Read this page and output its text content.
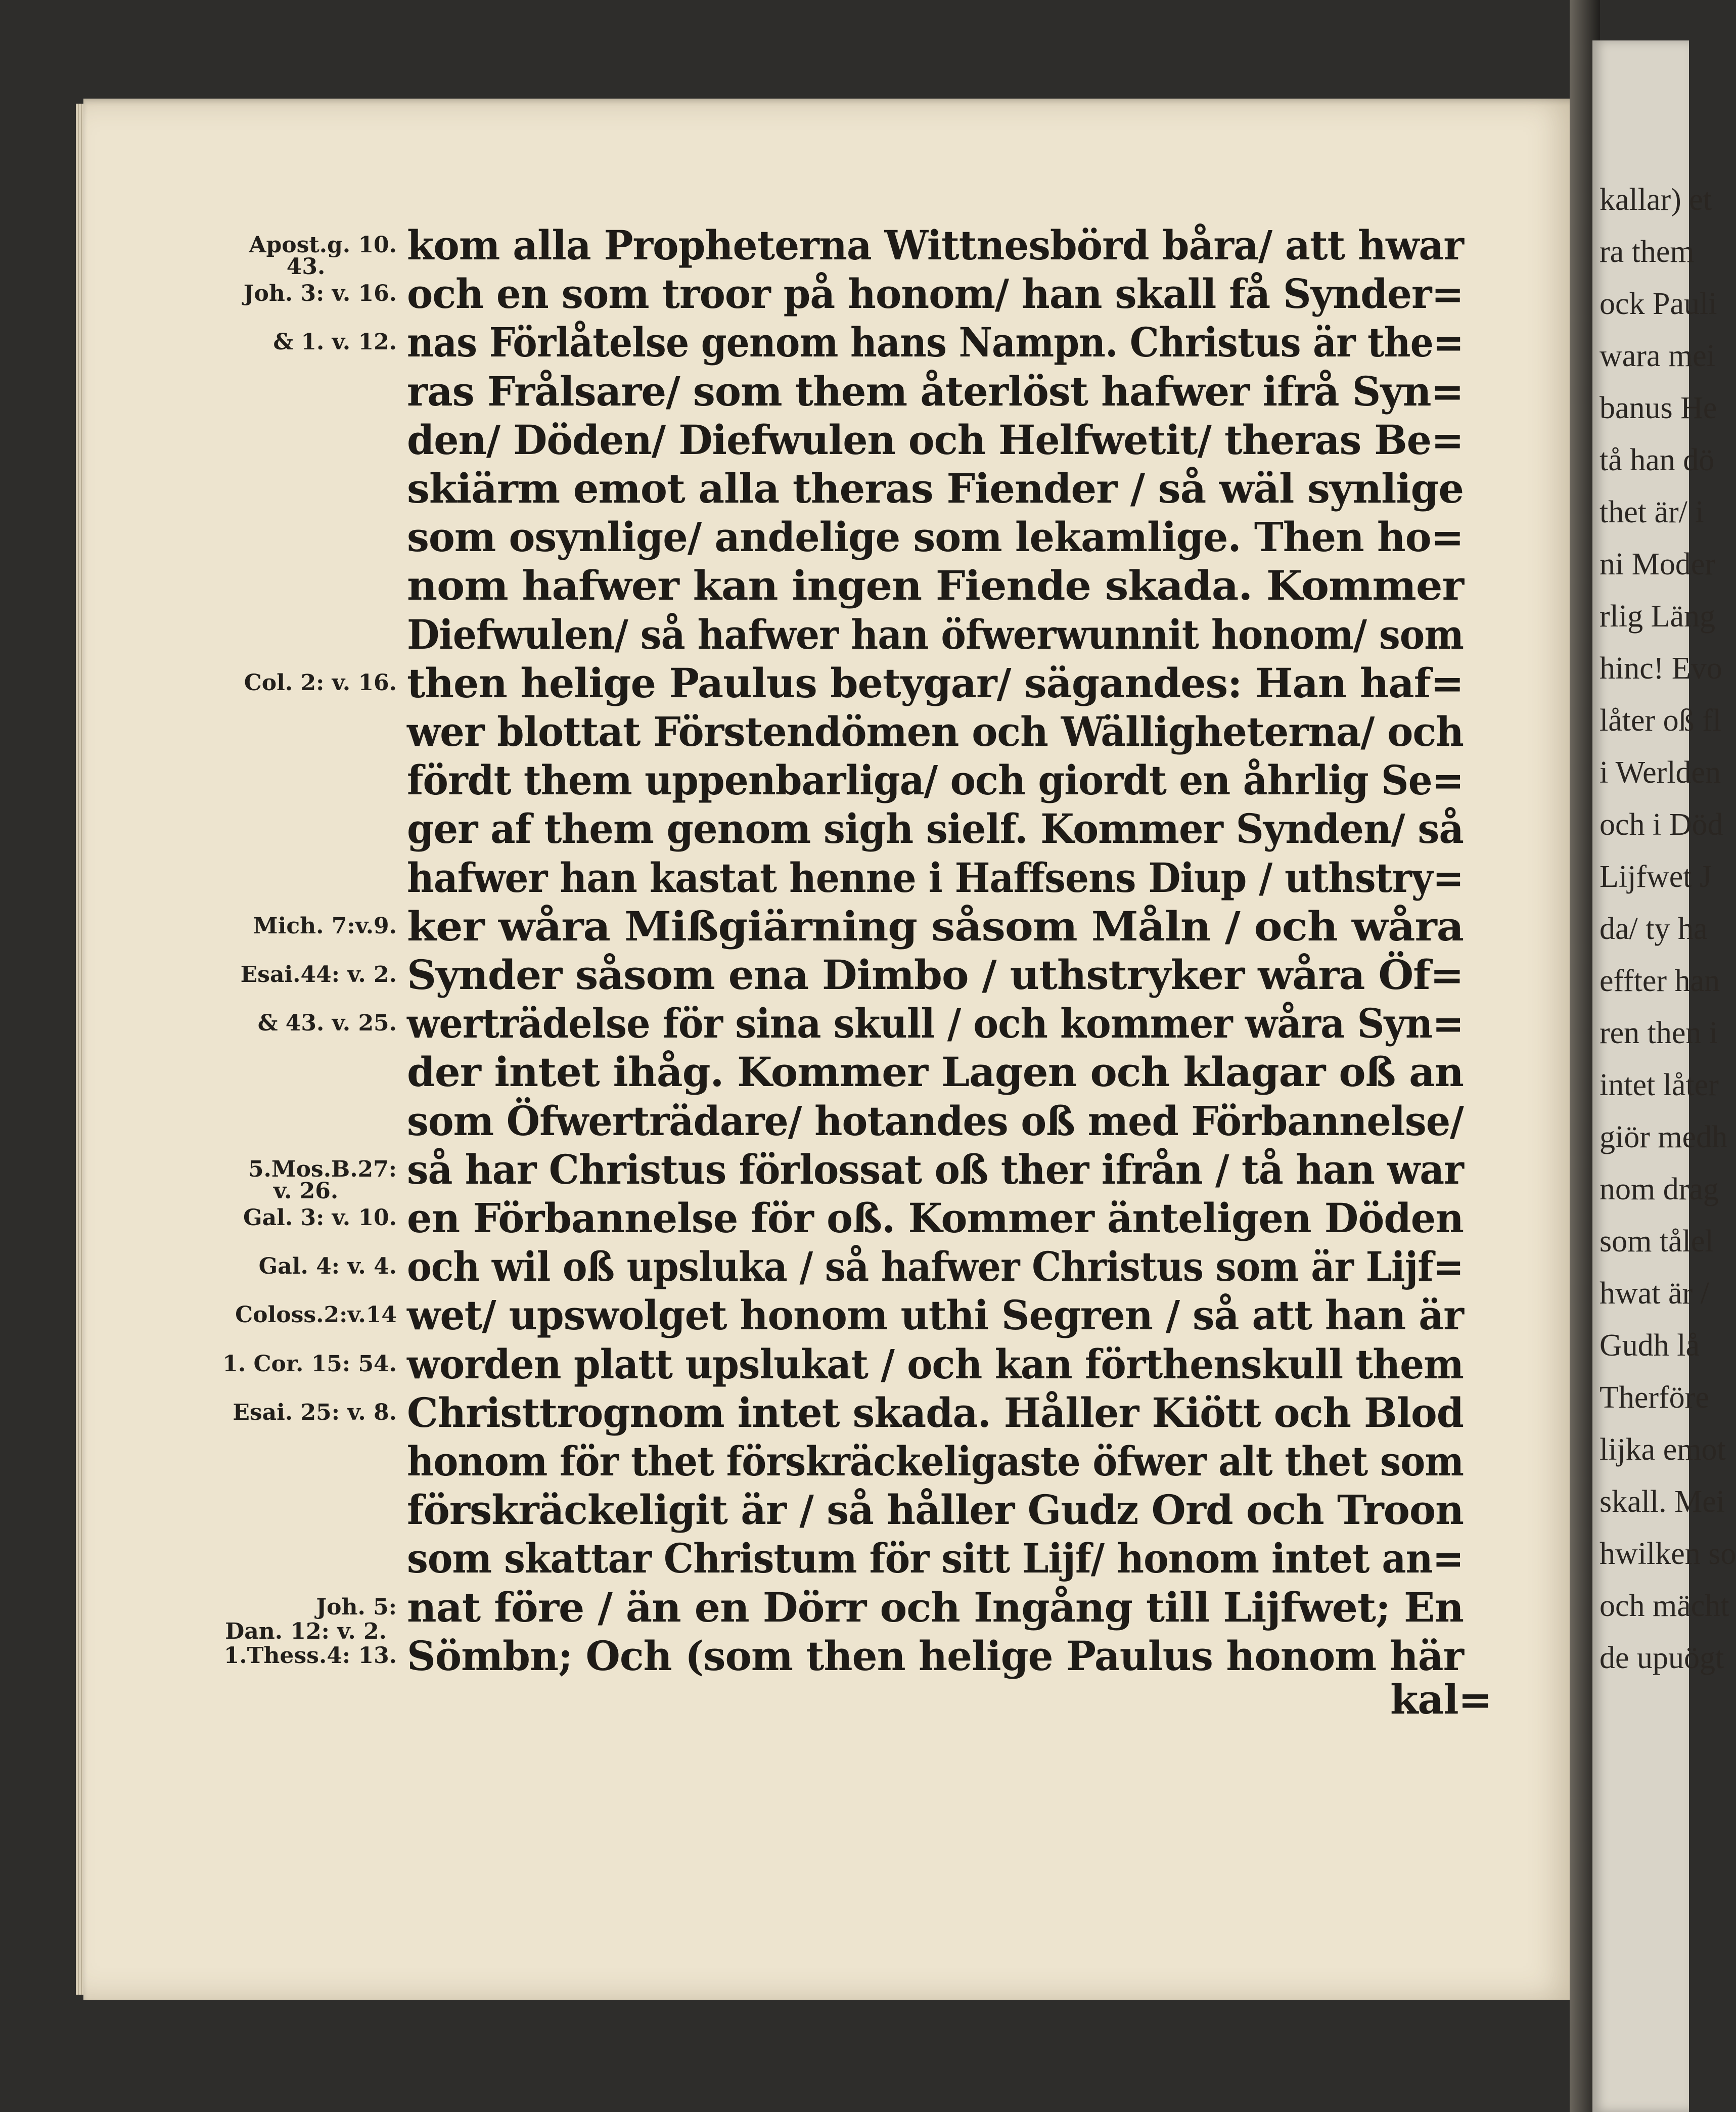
kallar) et
ra them
ock Pauli
wara mei
banus He
tå han dö
thet är/ i
ni Moder
rlig Läng
hinc! Evo
låter oß fl
i Werlden
och i Död
Lijfwet J
da/ ty ha
effter han
ren then i
intet låter
giör medh
nom drag
som tålel
hwat är /
Gudh lå
Therföre
lijka emot
skall. Mei
hwilken so
och mächt
de upuögt
Apost.g. 10.
43.
Joh. 3: v. 16.
& 1. v. 12.
Col. 2: v. 16.
Mich. 7:v.9.
Esai.44: v. 2.
& 43. v. 25.
5.Mos.B.27:
v. 26.
Gal. 3: v. 10.
Gal. 4: v. 4.
Coloss.2:v.14
1. Cor. 15: 54.
Esai. 25: v. 8.
Joh. 5:
Dan. 12: v. 2.
1.Thess.4: 13.
kom alla Propheterna Wittnesbörd båra/ att hwar
och en som troor på honom/ han skall få Synder=
nas Förlåtelse genom hans Nampn. Christus är the=
ras Frålsare/ som them återlöst hafwer ifrå Syn=
den/ Döden/ Diefwulen och Helfwetit/ theras Be=
skiärm emot alla theras Fiender / så wäl synlige
som osynlige/ andelige som lekamlige. Then ho=
nom hafwer kan ingen Fiende skada. Kommer
Diefwulen/ så hafwer han öfwerwunnit honom/ som
then helige Paulus betygar/ sägandes: Han haf=
wer blottat Förstendömen och Wälligheterna/ och
fördt them uppenbarliga/ och giordt en åhrlig Se=
ger af them genom sigh sielf. Kommer Synden/ så
hafwer han kastat henne i Haffsens Diup / uthstry=
ker wåra Mißgiärning såsom Måln / och wåra
Synder såsom ena Dimbo / uthstryker wåra Öf=
werträdelse för sina skull / och kommer wåra Syn=
der intet ihåg. Kommer Lagen och klagar oß an
som Öfwerträdare/ hotandes oß med Förbannelse/
så har Christus förlossat oß ther ifrån / tå han war
en Förbannelse för oß. Kommer änteligen Döden
och wil oß upsluka / så hafwer Christus som är Lijf=
wet/ upswolget honom uthi Segren / så att han är
worden platt upslukat / och kan förthenskull them
Christtrognom intet skada. Håller Kiött och Blod
honom för thet förskräckeligaste öfwer alt thet som
förskräckeligit är / så håller Gudz Ord och Troon
som skattar Christum för sitt Lijf/ honom intet an=
nat före / än en Dörr och Ingång till Lijfwet; En
Sömbn; Och (som then helige Paulus honom här
kal=
